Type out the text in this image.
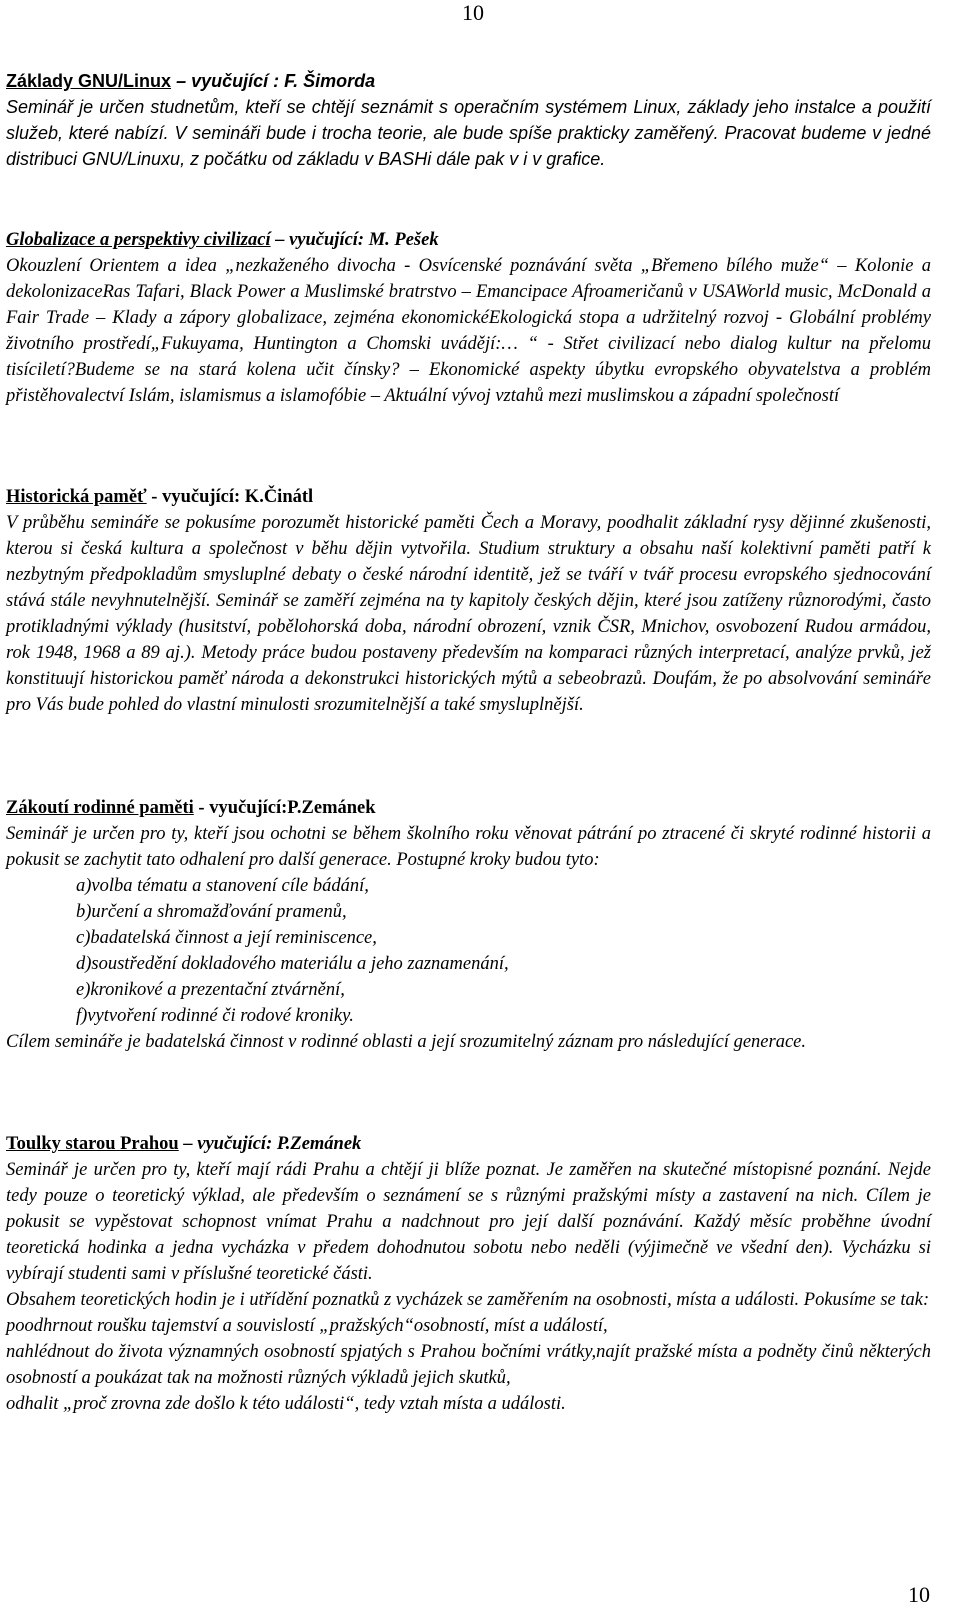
10

Základy GNU/Linux – vyučující : F. Šimorda

Seminář je určen studnetům, kteří se chtějí seznámit s operačním systémem Linux, základy jeho instalce a použití služeb, které nabízí. V semináři bude i trocha teorie, ale bude spíše prakticky zaměřený. Pracovat budeme v jedné distribuci GNU/Linuxu, z počátku od základu v BASHi dále pak v i v grafice.

Globalizace a perspektivy civilizací – vyučující: M. Pešek

Okouzlení Orientem a idea „nezkaženého divocha - Osvícenské poznávání světa „Břemeno bílého muže“ – Kolonie a dekolonizaceRas Tafari, Black Power a Muslimské bratrstvo – Emancipace Afroameričanů v USAWorld music, McDonald a Fair Trade – Klady a zápory globalizace, zejména ekonomickéEkologická stopa a udržitelný rozvoj - Globální problémy životního prostředí„Fukuyama, Huntington a Chomski uvádějí:… “ - Střet civilizací nebo dialog kultur na přelomu tisíciletí?Budeme se na stará kolena učit čínsky? – Ekonomické aspekty úbytku evropského obyvatelstva a problém přistěhovalectví Islám, islamismus a islamofóbie – Aktuální vývoj vztahů mezi muslimskou a západní společností

Historická paměť - vyučující: K.Činátl

V průběhu semináře se pokusíme porozumět historické paměti Čech a Moravy, poodhalit základní rysy dějinné zkušenosti, kterou si česká kultura a společnost v běhu dějin vytvořila. Studium struktury a obsahu naší kolektivní paměti patří k nezbytným předpokladům smysluplné debaty o české národní identitě, jež se tváří v tvář procesu evropského sjednocování stává stále nevyhnutelnější. Seminář se zaměří zejména na ty kapitoly českých dějin, které jsou zatíženy různorodými, často protikladnými výklady (husitství, pobělohorská doba, národní obrození, vznik ČSR, Mnichov, osvobození Rudou armádou, rok 1948, 1968 a 89 aj.). Metody práce budou postaveny především na komparaci různých interpretací, analýze prvků, jež konstituují historickou paměť národa a dekonstrukci historických mýtů a sebeobrazů. Doufám, že po absolvování semináře pro Vás bude pohled do vlastní minulosti srozumitelnější a také smysluplnější.

Zákoutí rodinné paměti - vyučující:P.Zemánek

Seminář je určen pro ty, kteří jsou ochotni se během školního roku věnovat pátrání po ztracené či skryté rodinné historii a pokusit se zachytit tato odhalení pro další generace. Postupné kroky budou tyto:

a)volba tématu a stanovení cíle bádání,
b)určení a shromažďování pramenů,
c)badatelská činnost a její reminiscence,
d)soustředění dokladového materiálu a jeho zaznamenání,
e)kronikové a prezentační ztvárnění,
f)vytvoření rodinné či rodové kroniky.

Cílem semináře je badatelská činnost v rodinné oblasti a její srozumitelný záznam pro následující generace.

Toulky starou Prahou – vyučující: P.Zemánek

Seminář je určen pro ty, kteří mají rádi Prahu a chtějí ji blíže poznat. Je zaměřen na skutečné místopisné poznání. Nejde tedy pouze o teoretický výklad, ale především o seznámení se s různými pražskými místy a zastavení na nich. Cílem je pokusit se vypěstovat schopnost vnímat Prahu a nadchnout pro její další poznávání. Každý měsíc proběhne úvodní teoretická hodinka a jedna vycházka v předem dohodnutou sobotu nebo neděli (výjimečně ve všední den). Vycházku si vybírají studenti sami v příslušné teoretické části.

Obsahem teoretických hodin je i utřídění poznatků z vycházek se zaměřením na osobnosti, místa a události. Pokusíme se tak:

poodhrnout roušku tajemství a souvislostí „pražských“osobností, míst a událostí,

nahlédnout do života významných osobností spjatých s Prahou bočními vrátky,najít pražské místa a podněty činů některých osobností a poukázat tak na možnosti různých výkladů jejich skutků,

odhalit „proč zrovna zde došlo k této události“, tedy vztah místa a události.

10
